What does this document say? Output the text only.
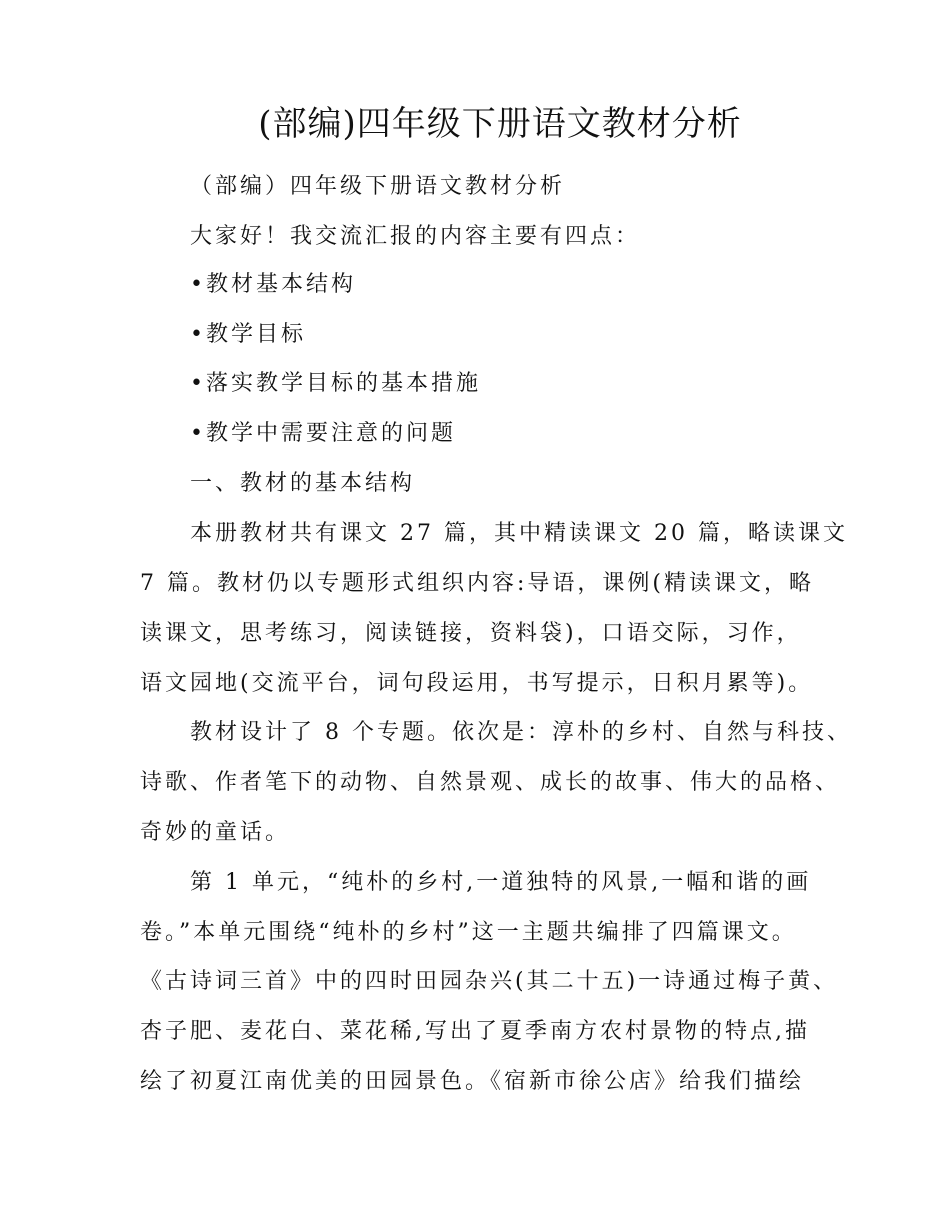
(部编)四年级下册语文教材分析
（部编）四年级下册语文教材分析
大家好！我交流汇报的内容主要有四点：
•教材基本结构
•教学目标
•落实教学目标的基本措施
•教学中需要注意的问题
一、教材的基本结构
本册教材共有课文 27 篇，其中精读课文 20 篇，略读课文
7 篇。教材仍以专题形式组织内容:导语，课例(精读课文，略
读课文，思考练习，阅读链接，资料袋)，口语交际，习作，
语文园地(交流平台，词句段运用，书写提示，日积月累等)。
教材设计了 8 个专题。依次是：淳朴的乡村、自然与科技、
诗歌、作者笔下的动物、自然景观、成长的故事、伟大的品格、
奇妙的童话。
第 1 单元，“纯朴的乡村,一道独特的风景,一幅和谐的画
卷。”本单元围绕“纯朴的乡村”这一主题共编排了四篇课文。
《古诗词三首》中的四时田园杂兴(其二十五)一诗通过梅子黄、
杏子肥、麦花白、菜花稀,写出了夏季南方农村景物的特点,描
绘了初夏江南优美的田园景色。《宿新市徐公店》给我们描绘
